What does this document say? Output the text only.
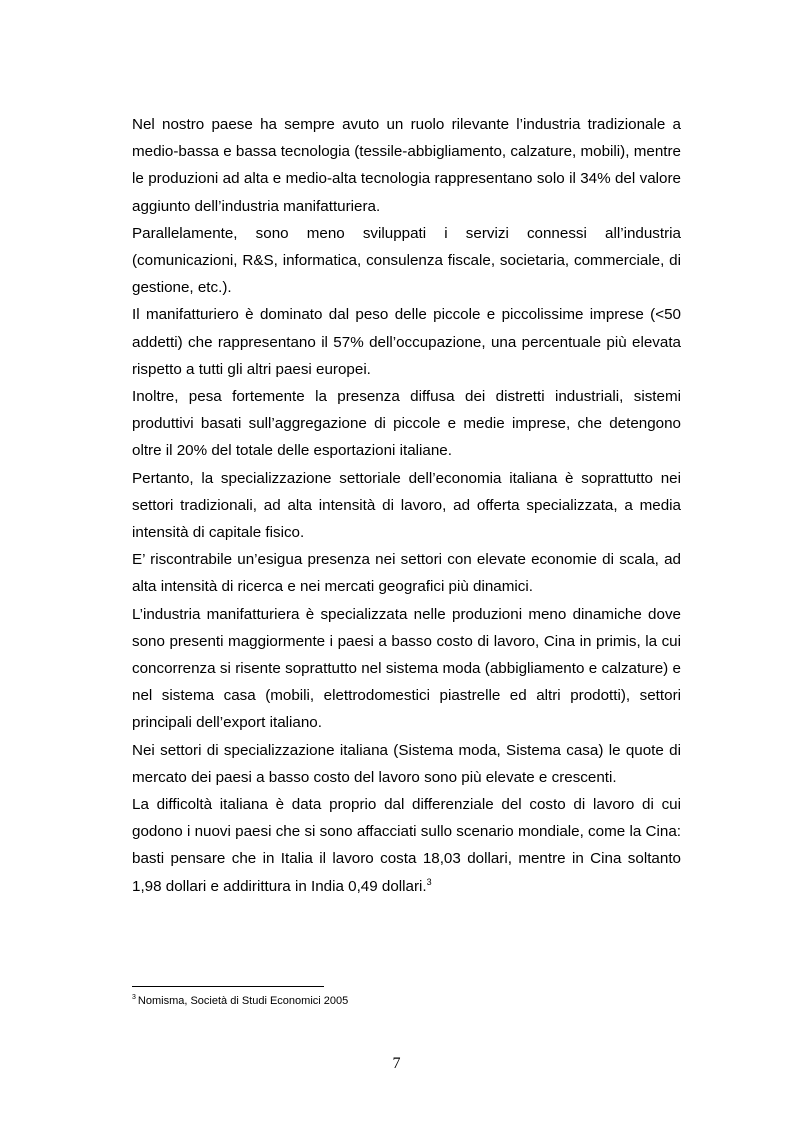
Nel nostro paese ha sempre avuto un ruolo rilevante l’industria tradizionale a medio-bassa e bassa tecnologia (tessile-abbigliamento, calzature, mobili), mentre le produzioni ad alta e medio-alta tecnologia rappresentano solo il 34% del valore aggiunto dell’industria manifatturiera.

Parallelamente, sono meno sviluppati i servizi connessi all’industria (comunicazioni, R&S, informatica, consulenza fiscale, societaria, commerciale, di gestione, etc.).

Il manifatturiero è dominato dal peso delle piccole e piccolissime imprese (<50 addetti) che rappresentano il 57% dell’occupazione, una percentuale più elevata rispetto a tutti gli altri paesi europei.

Inoltre, pesa fortemente la presenza diffusa dei distretti industriali, sistemi produttivi basati sull’aggregazione di piccole e medie imprese, che detengono oltre il 20% del totale delle esportazioni italiane.

Pertanto, la specializzazione settoriale dell’economia italiana è soprattutto nei settori tradizionali, ad alta intensità di lavoro, ad offerta specializzata, a media intensità di capitale fisico.

E’ riscontrabile un’esigua presenza nei settori con elevate economie di scala, ad alta intensità di ricerca e nei mercati geografici più dinamici.

L’industria manifatturiera è specializzata nelle produzioni meno dinamiche dove sono presenti maggiormente i paesi a basso costo di lavoro, Cina in primis, la cui concorrenza si risente soprattutto nel sistema moda (abbigliamento e calzature) e nel sistema casa (mobili, elettrodomestici piastrelle ed altri prodotti), settori principali dell’export italiano.

Nei settori di specializzazione italiana (Sistema moda, Sistema casa) le quote di mercato dei paesi a basso costo del lavoro sono più elevate e crescenti.

La difficoltà italiana è data proprio dal differenziale del costo di lavoro di cui godono i nuovi paesi che si sono affacciati sullo scenario mondiale, come la Cina: basti pensare che in Italia il lavoro costa 18,03 dollari, mentre in Cina soltanto 1,98 dollari e addirittura in India 0,49 dollari.$^3$

$^3$ Nomisma, Società di Studi Economici 2005
7
